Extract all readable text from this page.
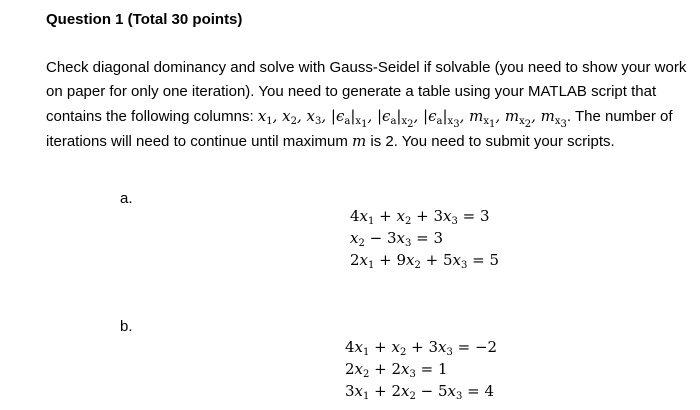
Question 1 (Total 30 points)

Check diagonal dominancy and solve with Gauss-Seidel if solvable (you need to show your work

on paper for only one iteration). You need to generate a table using your MATLAB script that

contains the following columns: $x_1$, $x_2$, $x_3$, $|\epsilon_a|_{x_1}$, $|\epsilon_a|_{x_2}$, $|\epsilon_a|_{x_3}$, $m_{x_1}$, $m_{x_2}$, $m_{x_3}$. The number of

iterations will need to continue until maximum m is 2. You need to submit your scripts.

a.
$4x_1 + x_2 + 3x_3 = 3$
$x_2 - 3x_3 = 3$
$2x_1 + 9x_2 + 5x_3 = 5$
b.
$4x_1 + x_2 + 3x_3 = -2$
$2x_2 + 2x_3 = 1$
$3x_1 + 2x_2 - 5x_3 = 4$
